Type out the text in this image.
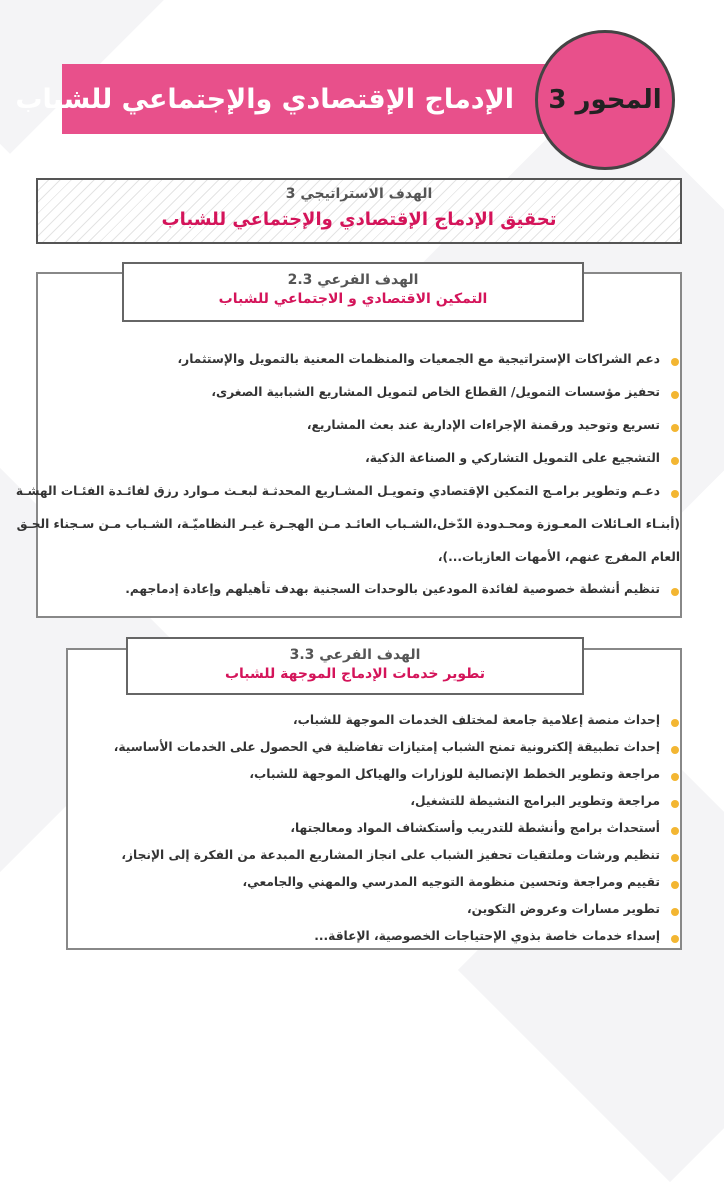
الإدماج الإقتصادي والإجتماعي للشباب المحور 3
الهدف الاستراتيجي 3
تحقيق الإدماج الإقتصادي والإجتماعي للشباب
الهدف الفرعي 2.3
التمكين الاقتصادي و الاجتماعي للشباب
دعم الشراكات الإستراتيجية مع الجمعيات والمنظمات المعنية بالتمويل والإستثمار،
تحفيز مؤسسات التمويل/ القطاع الخاص لتمويل المشاريع الشبابية الصغرى،
تسريع وتوحيد ورقمنة الإجراءات الإدارية عند بعث المشاريع،
التشجيع على التمويل التشاركي و الصناعة الذكية،
دعـم وتطوير برامـج التمكين الإقتصادي وتمويـل المشـاريع المحدثـة لبعـث مـوارد رزق لفائـدة الفئـات الهشـة
تنظيم أنشطة خصوصية لفائدة المودعين بالوحدات السجنية بهدف تأهيلهم وإعادة إدماجهم.
(أبنـاء العـائلات المعـوزة ومحـدودة الدّخل،الشـباب العائـد مـن الهجـرة غيـر النظاميّـة، الشـباب مـن سـجناء الحـق
العام المفرج عنهم، الأمهات العازبات...)،
الهدف الفرعي 3.3
تطوير خدمات الإدماج الموجهة للشباب
إحداث منصة إعلامية جامعة لمختلف الخدمات الموجهة للشباب،
إحداث تطبيقة إلكترونية تمنح الشباب إمتيازات تفاضلية في الحصول على الخدمات الأساسية،
مراجعة وتطوير الخطط الإتصالية للوزارات والهياكل الموجهة للشباب،
مراجعة وتطوير البرامج النشيطة للتشغيل،
أستحداث برامج وأنشطة للتدريب وأستكشاف المواد ومعالجتها،
تنظيم ورشات وملتقيات تحفيز الشباب على انجاز المشاريع المبدعة من الفكرة إلى الإنجاز،
تقييم ومراجعة وتحسين منظومة التوجيه المدرسي والمهني والجامعي،
تطوير مسارات وعروض التكوين،
إسداء خدمات خاصة بذوي الإحتياجات الخصوصية، الإعاقة...
